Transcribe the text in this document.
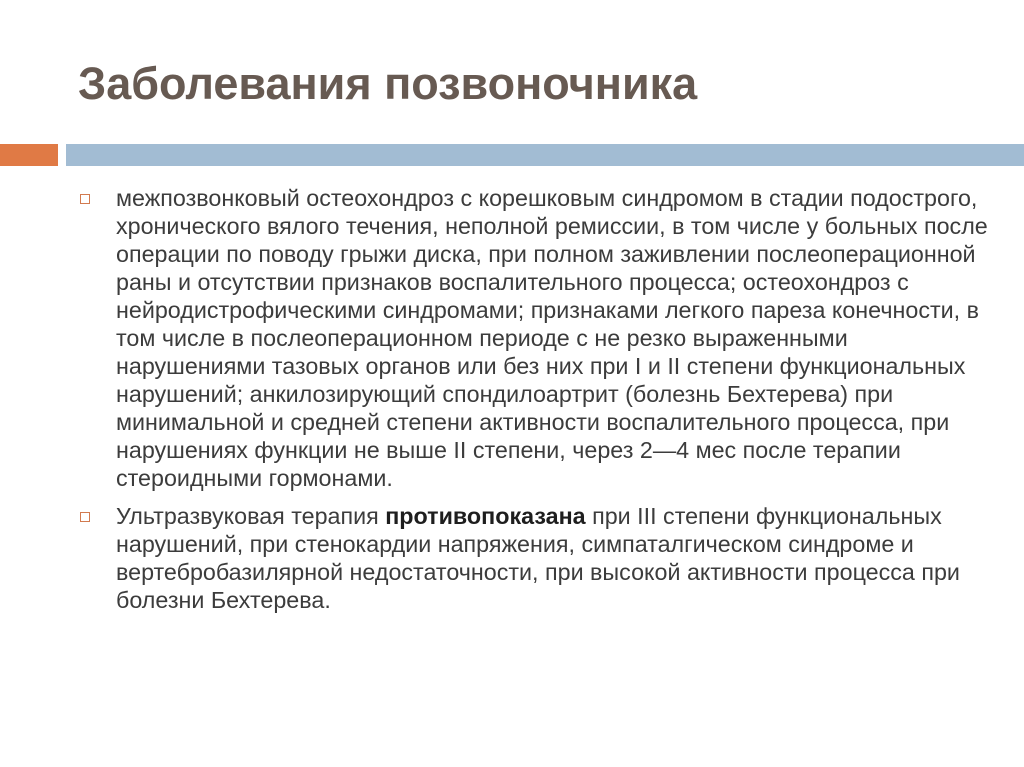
Заболевания позвоночника
межпозвонковый остеохондроз с корешковым синдромом в стадии подострого, хронического вялого течения, неполной ремиссии, в том числе у больных после операции по поводу грыжи диска, при полном заживлении послеоперационной раны и отсутствии признаков воспалительного процесса; остеохондроз с нейродистрофическими синдромами; признаками легкого пареза конечности, в том числе в послеоперационном периоде с не резко выраженными нарушениями тазовых органов или без них при I и II степени функциональных нарушений; анкилозирующий спондилоартрит (болезнь Бехтерева) при минимальной и средней степени активности воспалительного процесса, при нарушениях функции не выше II степени, через 2—4 мес после терапии стероидными гормонами.
Ультразвуковая терапия противопоказана при III степени функциональных нарушений, при стенокардии напряжения, симпаталгическом синдроме и вертебробазилярной недостаточности, при высокой активности процесса при болезни Бехтерева.
